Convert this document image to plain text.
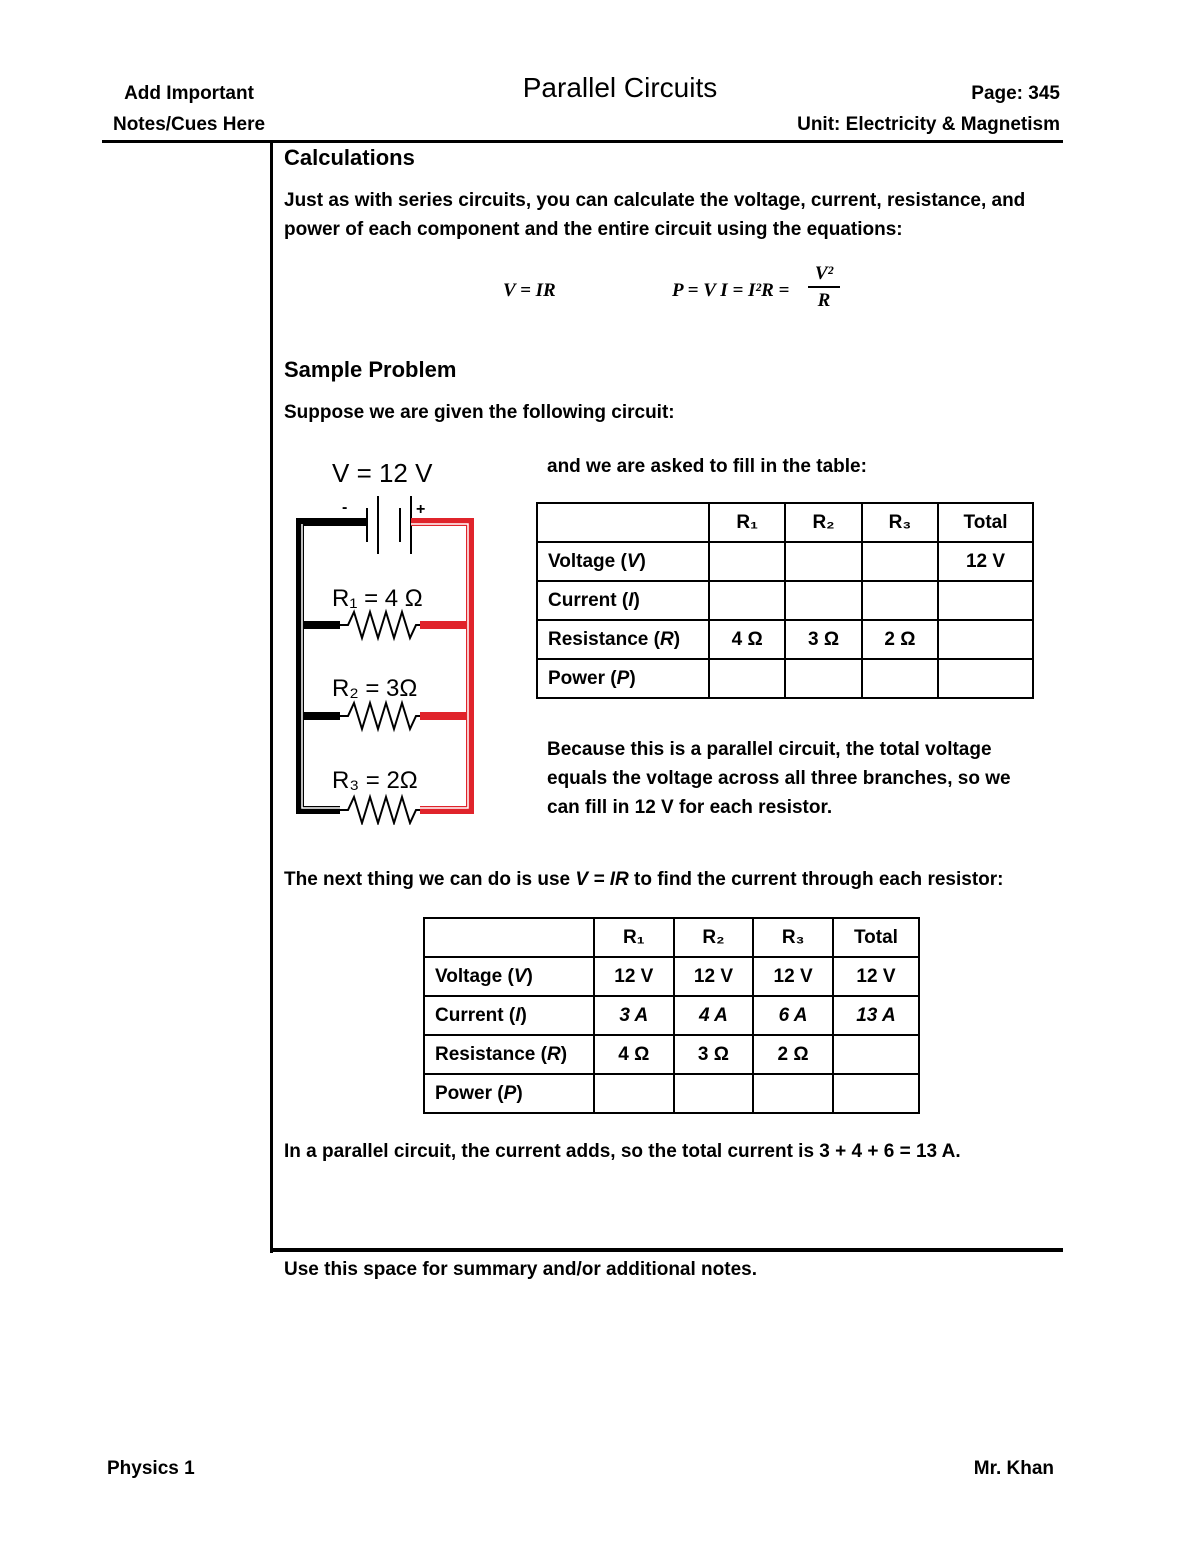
Add Important
Notes/Cues Here
Parallel Circuits	Page: 345
Unit: Electricity & Magnetism
Calculations
Just as with series circuits, you can calculate the voltage, current, resistance, and power of each component and the entire circuit using the equations:
V = IR	P = V $I = I^2R = \frac{\text{V²}}{R}$
Sample Problem
Suppose we are given the following circuit:
V = 12 V
-	+
R₁ = 4 Ω
R₂ = 3Ω
R₃ = 2Ω
and we are asked to fill in the table:
	R₁	R₂	R₃	Total
Voltage (V)				12 V
Current (I)				
Resistance (R)	4 Ω	3 Ω	2 Ω	
Power (P)				
Because this is a parallel circuit, the total voltage equals the voltage across all three branches, so we can fill in 12 V for each resistor.
The next thing we can do is use V = IR to find the current through each resistor:
	R₁	R₂	R₃	Total
Voltage (V)	12 V	12 V	12 V	12 V
Current (I)	3 A	4 A	6 A	13 A
Resistance (R)	4 Ω	3 Ω	2 Ω	
Power (P)				
In a parallel circuit, the current adds, so the total current is 3 + 4 + 6 = 13 A.
Use this space for summary and/or additional notes.
Physics 1	Mr. Khan
